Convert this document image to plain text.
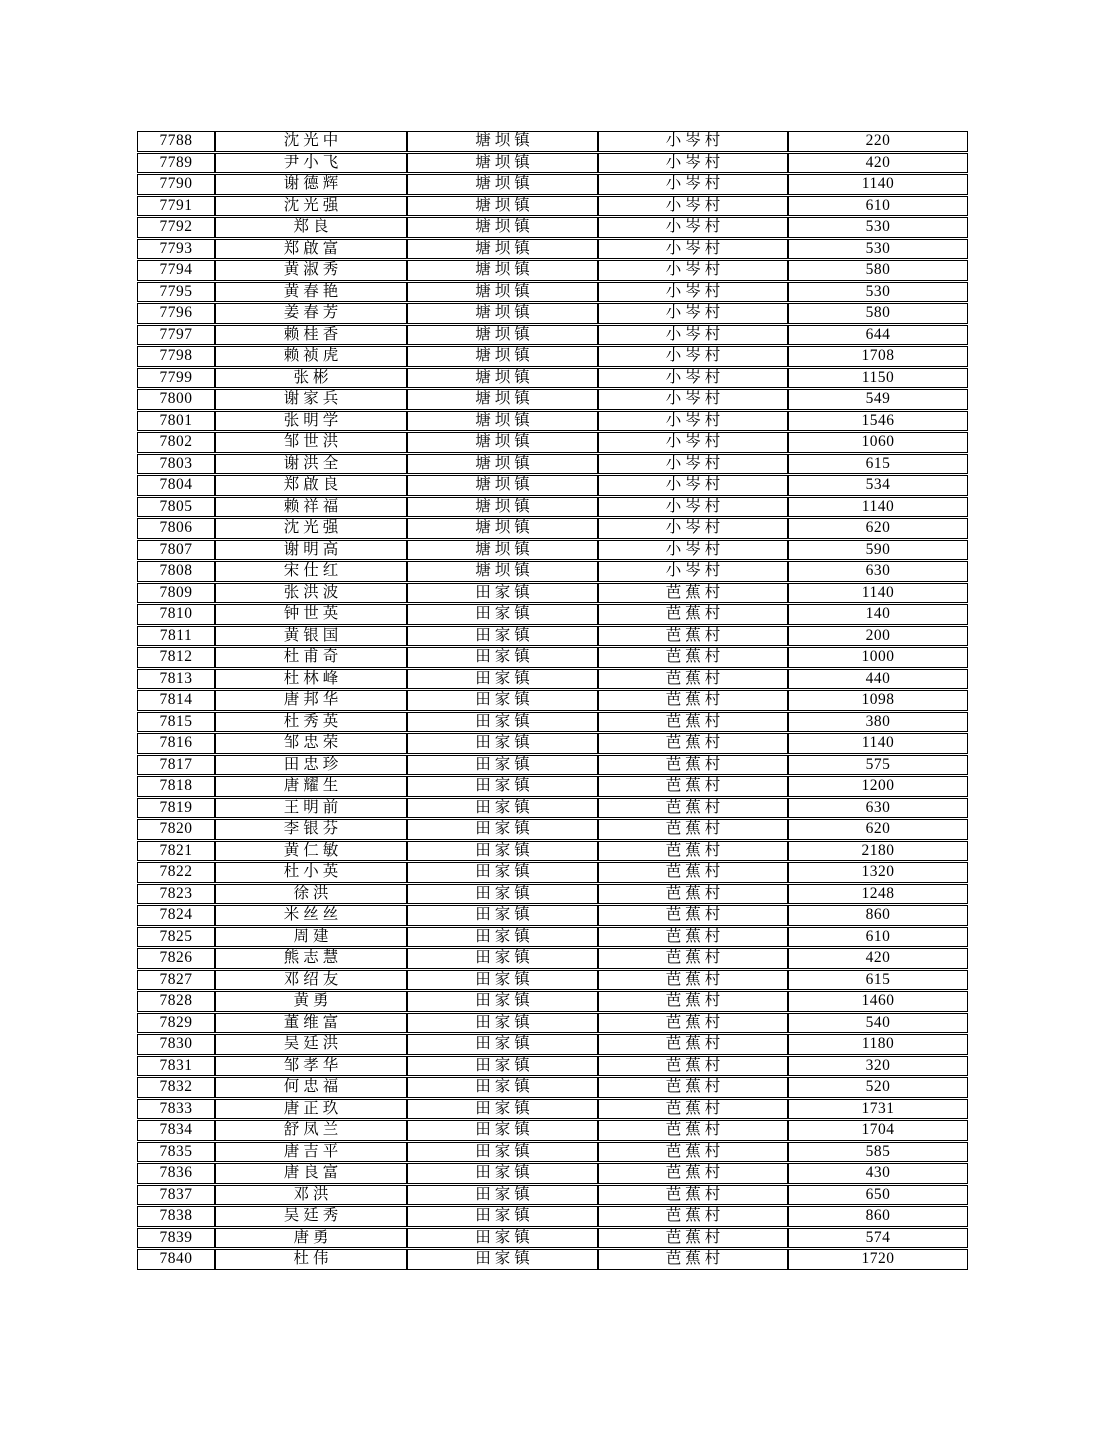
7788	沈光中	塘坝镇	小岑村	220
7789	尹小飞	塘坝镇	小岑村	420
7790	谢德辉	塘坝镇	小岑村	1140
7791	沈光强	塘坝镇	小岑村	610
7792	郑良	塘坝镇	小岑村	530
7793	郑啟富	塘坝镇	小岑村	530
7794	黄淑秀	塘坝镇	小岑村	580
7795	黄春艳	塘坝镇	小岑村	530
7796	姜春芳	塘坝镇	小岑村	580
7797	赖桂香	塘坝镇	小岑村	644
7798	赖祯虎	塘坝镇	小岑村	1708
7799	张彬	塘坝镇	小岑村	1150
7800	谢家兵	塘坝镇	小岑村	549
7801	张明学	塘坝镇	小岑村	1546
7802	邹世洪	塘坝镇	小岑村	1060
7803	谢洪全	塘坝镇	小岑村	615
7804	郑啟良	塘坝镇	小岑村	534
7805	赖祥福	塘坝镇	小岑村	1140
7806	沈光强	塘坝镇	小岑村	620
7807	谢明高	塘坝镇	小岑村	590
7808	宋仕红	塘坝镇	小岑村	630
7809	张洪波	田家镇	芭蕉村	1140
7810	钟世英	田家镇	芭蕉村	140
7811	黄银国	田家镇	芭蕉村	200
7812	杜甫奇	田家镇	芭蕉村	1000
7813	杜林峰	田家镇	芭蕉村	440
7814	唐邦华	田家镇	芭蕉村	1098
7815	杜秀英	田家镇	芭蕉村	380
7816	邹忠荣	田家镇	芭蕉村	1140
7817	田忠珍	田家镇	芭蕉村	575
7818	唐耀生	田家镇	芭蕉村	1200
7819	王明前	田家镇	芭蕉村	630
7820	李银芬	田家镇	芭蕉村	620
7821	黄仁敏	田家镇	芭蕉村	2180
7822	杜小英	田家镇	芭蕉村	1320
7823	徐洪	田家镇	芭蕉村	1248
7824	米丝丝	田家镇	芭蕉村	860
7825	周建	田家镇	芭蕉村	610
7826	熊志慧	田家镇	芭蕉村	420
7827	邓绍友	田家镇	芭蕉村	615
7828	黄勇	田家镇	芭蕉村	1460
7829	董维富	田家镇	芭蕉村	540
7830	吴廷洪	田家镇	芭蕉村	1180
7831	邹孝华	田家镇	芭蕉村	320
7832	何忠福	田家镇	芭蕉村	520
7833	唐正玖	田家镇	芭蕉村	1731
7834	舒凤兰	田家镇	芭蕉村	1704
7835	唐吉平	田家镇	芭蕉村	585
7836	唐良富	田家镇	芭蕉村	430
7837	邓洪	田家镇	芭蕉村	650
7838	吴廷秀	田家镇	芭蕉村	860
7839	唐勇	田家镇	芭蕉村	574
7840	杜伟	田家镇	芭蕉村	1720
